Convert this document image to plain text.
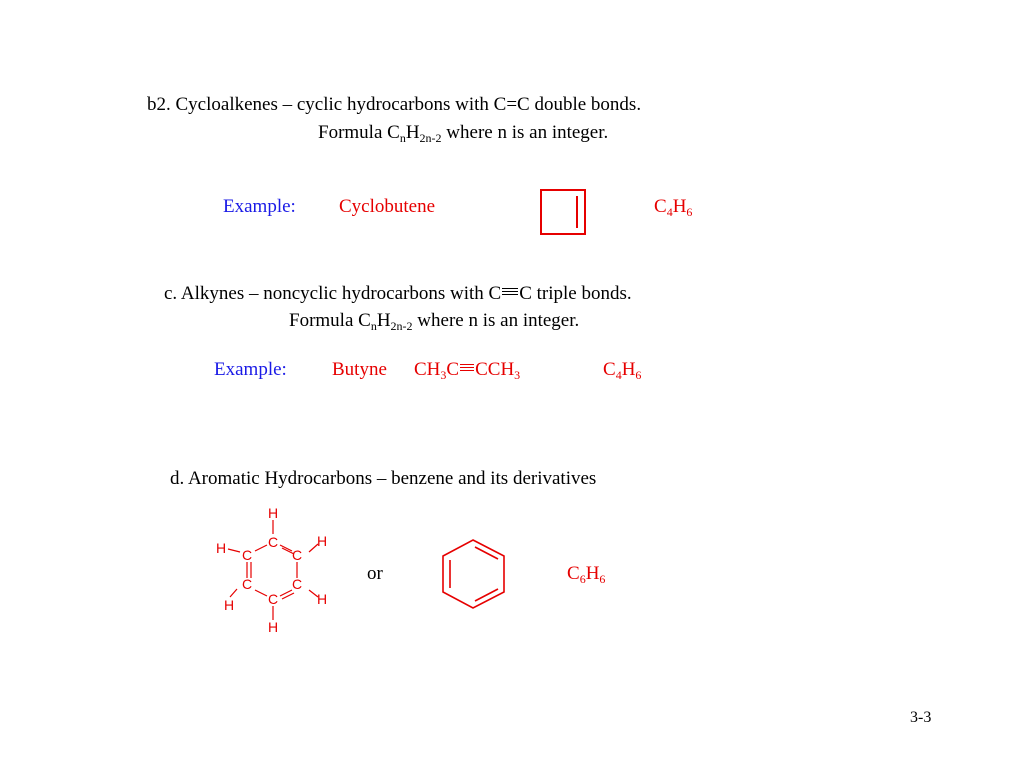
b2. Cycloalkenes – cyclic hydrocarbons with C=C double bonds.
Formula $C_nH_{2n-2}$ where n is an integer.
Example: Cyclobutene	$C_4H_6$
c. Alkynes – noncyclic hydrocarbons with C C triple bonds.
Formula $C_nH_{2n-2}$ where n is an integer.
Example: Butyne $CH_3C$ $CCH_3$	$C_4H_6$
d. Aromatic Hydrocarbons – benzene and its derivatives
H
C
H C	C
H
C	C
H	H
C
H
or	$C_6H_6$
3-3
